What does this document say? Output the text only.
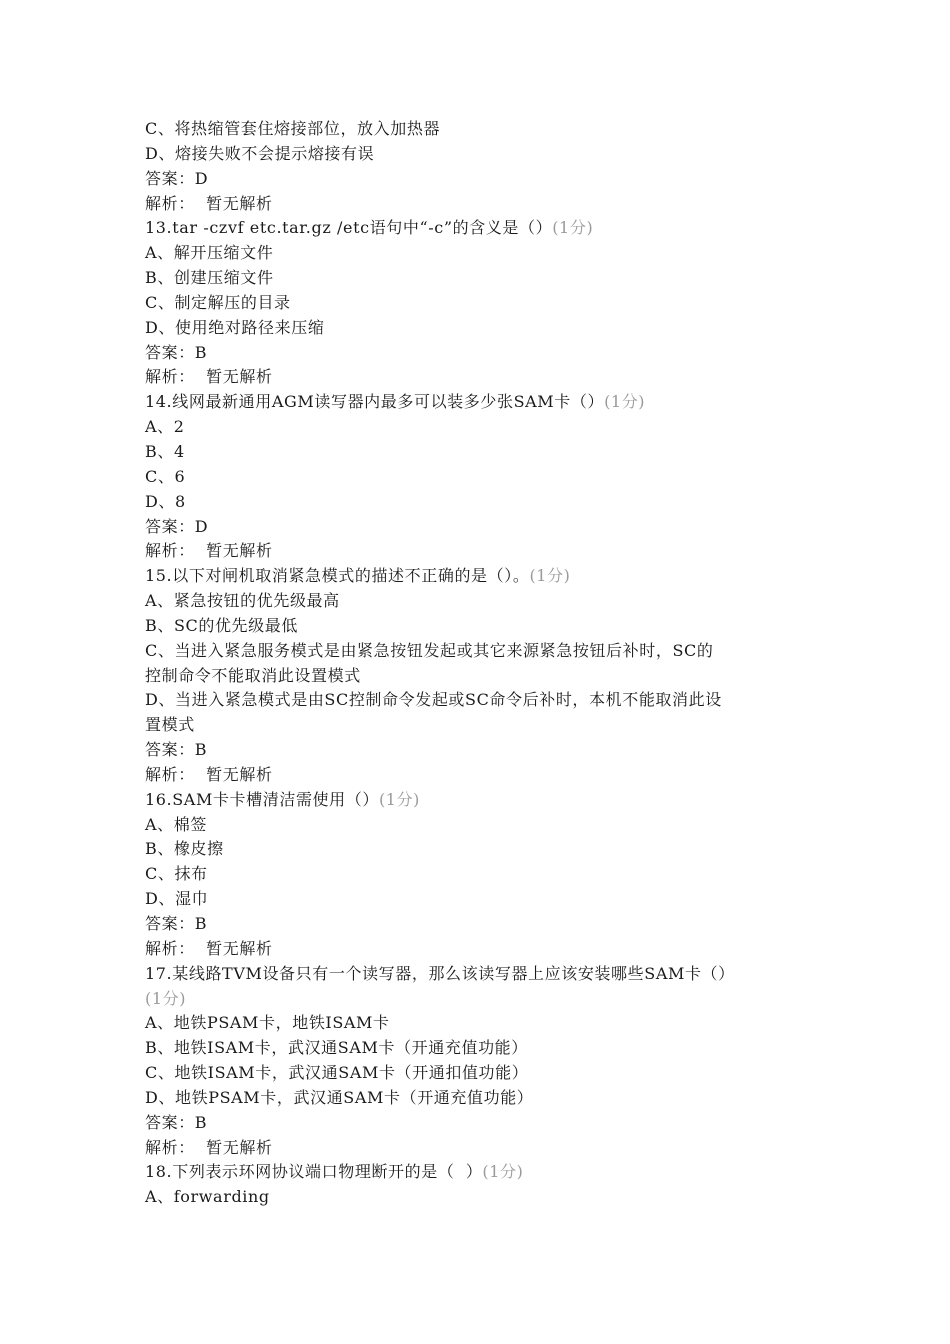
C、将热缩管套住熔接部位，放入加热器
D、熔接失败不会提示熔接有误
答案：D
解析：  暂无解析
13.tar -czvf etc.tar.gz /etc语句中“-c”的含义是（）(1分)
A、解开压缩文件
B、创建压缩文件
C、制定解压的目录
D、使用绝对路径来压缩
答案：B
解析：  暂无解析
14.线网最新通用AGM读写器内最多可以装多少张SAM卡（）(1分)
A、2
B、4
C、6
D、8
答案：D
解析：  暂无解析
15.以下对闸机取消紧急模式的描述不正确的是（）。(1分)
A、紧急按钮的优先级最高
B、SC的优先级最低
C、当进入紧急服务模式是由紧急按钮发起或其它来源紧急按钮后补时，SC的
控制命令不能取消此设置模式
D、当进入紧急模式是由SC控制命令发起或SC命令后补时，本机不能取消此设
置模式
答案：B
解析：  暂无解析
16.SAM卡卡槽清洁需使用（）(1分)
A、棉签
B、橡皮擦
C、抹布
D、湿巾
答案：B
解析：  暂无解析
17.某线路TVM设备只有一个读写器，那么该读写器上应该安装哪些SAM卡（）
(1分)
A、地铁PSAM卡，地铁ISAM卡
B、地铁ISAM卡，武汉通SAM卡（开通充值功能）
C、地铁ISAM卡，武汉通SAM卡（开通扣值功能）
D、地铁PSAM卡，武汉通SAM卡（开通充值功能）
答案：B
解析：  暂无解析
18.下列表示环网协议端口物理断开的是（  ）(1分)
A、forwarding
